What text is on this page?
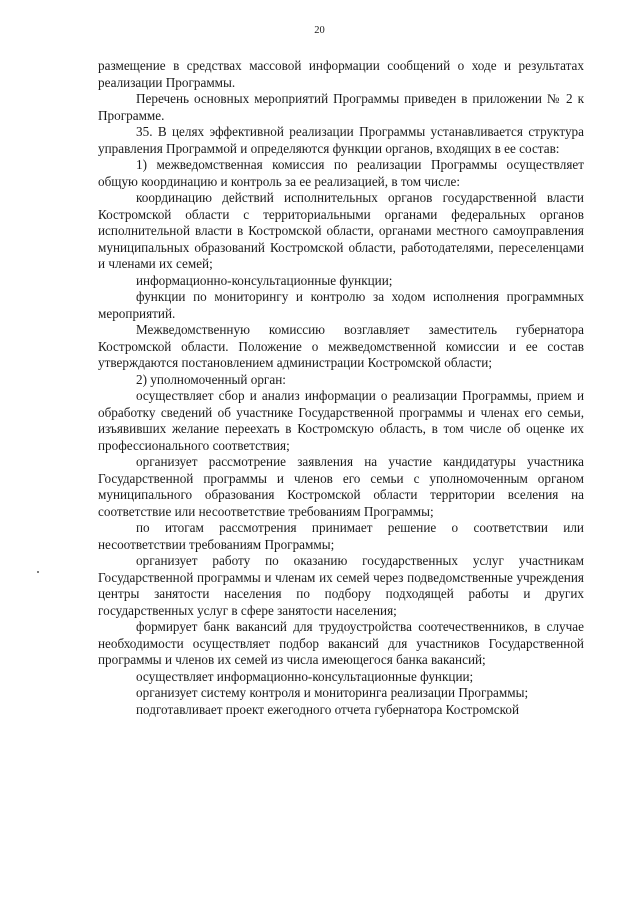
20

размещение в средствах массовой информации сообщений о ходе и результатах реализации Программы.

Перечень основных мероприятий Программы приведен в приложении № 2 к Программе.

35. В целях эффективной реализации Программы устанавливается структура управления Программой и определяются функции органов, входящих в ее состав:

1) межведомственная комиссия по реализации Программы осуществляет общую координацию и контроль за ее реализацией, в том числе:

координацию действий исполнительных органов государственной власти Костромской области с территориальными органами федеральных органов исполнительной власти в Костромской области, органами местного самоуправления муниципальных образований Костромской области, работодателями, переселенцами и членами их семей;

информационно-консультационные функции;

функции по мониторингу и контролю за ходом исполнения программных мероприятий.

Межведомственную комиссию возглавляет заместитель губернатора Костромской области. Положение о межведомственной комиссии и ее состав утверждаются постановлением администрации Костромской области;

2) уполномоченный орган:

осуществляет сбор и анализ информации о реализации Программы, прием и обработку сведений об участнике Государственной программы и членах его семьи, изъявивших желание переехать в Костромскую область, в том числе об оценке их профессионального соответствия;

организует рассмотрение заявления на участие кандидатуры участника Государственной программы и членов его семьи с уполномоченным органом муниципального образования Костромской области территории вселения на соответствие или несоответствие требованиям Программы;

по итогам рассмотрения принимает решение о соответствии или несоответствии требованиям Программы;

организует работу по оказанию государственных услуг участникам Государственной программы и членам их семей через подведомственные учреждения центры занятости населения по подбору подходящей работы и других государственных услуг в сфере занятости населения;

формирует банк вакансий для трудоустройства соотечественников, в случае необходимости осуществляет подбор вакансий для участников Государственной программы и членов их семей из числа имеющегося банка вакансий;

осуществляет информационно-консультационные функции;

организует систему контроля и мониторинга реализации Программы;

подготавливает проект ежегодного отчета губернатора Костромской
